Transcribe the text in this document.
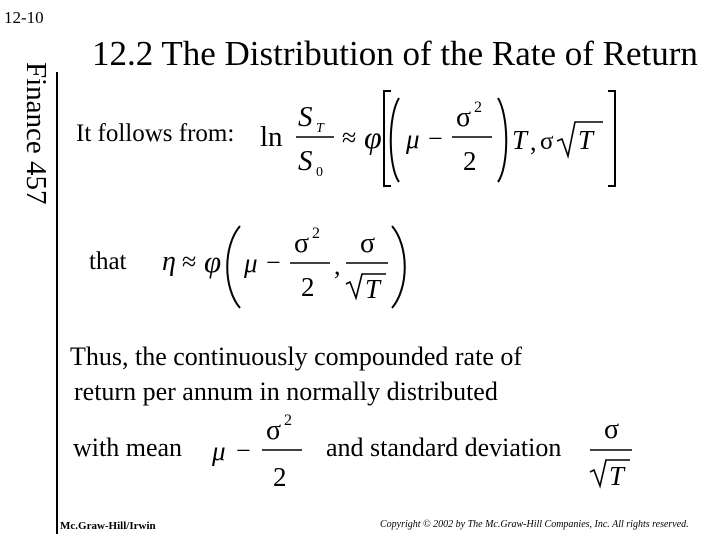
12-10
Finance 457
12.2 The Distribution of the Rate of Return
It follows from: ln
S T
S 0
≈ φ μ −
σ 2
2
T , σ T
that η ≈ φ μ −
σ 2
2
,
σ
T
Thus, the continuously compounded rate of
return per annum in normally distributed
with mean μ −
σ 2
2
and standard deviation
σ
T
Mc.Graw-Hill/Irwin	Copyright © 2002 by The Mc.Graw-Hill Companies, Inc. All rights reserved.
